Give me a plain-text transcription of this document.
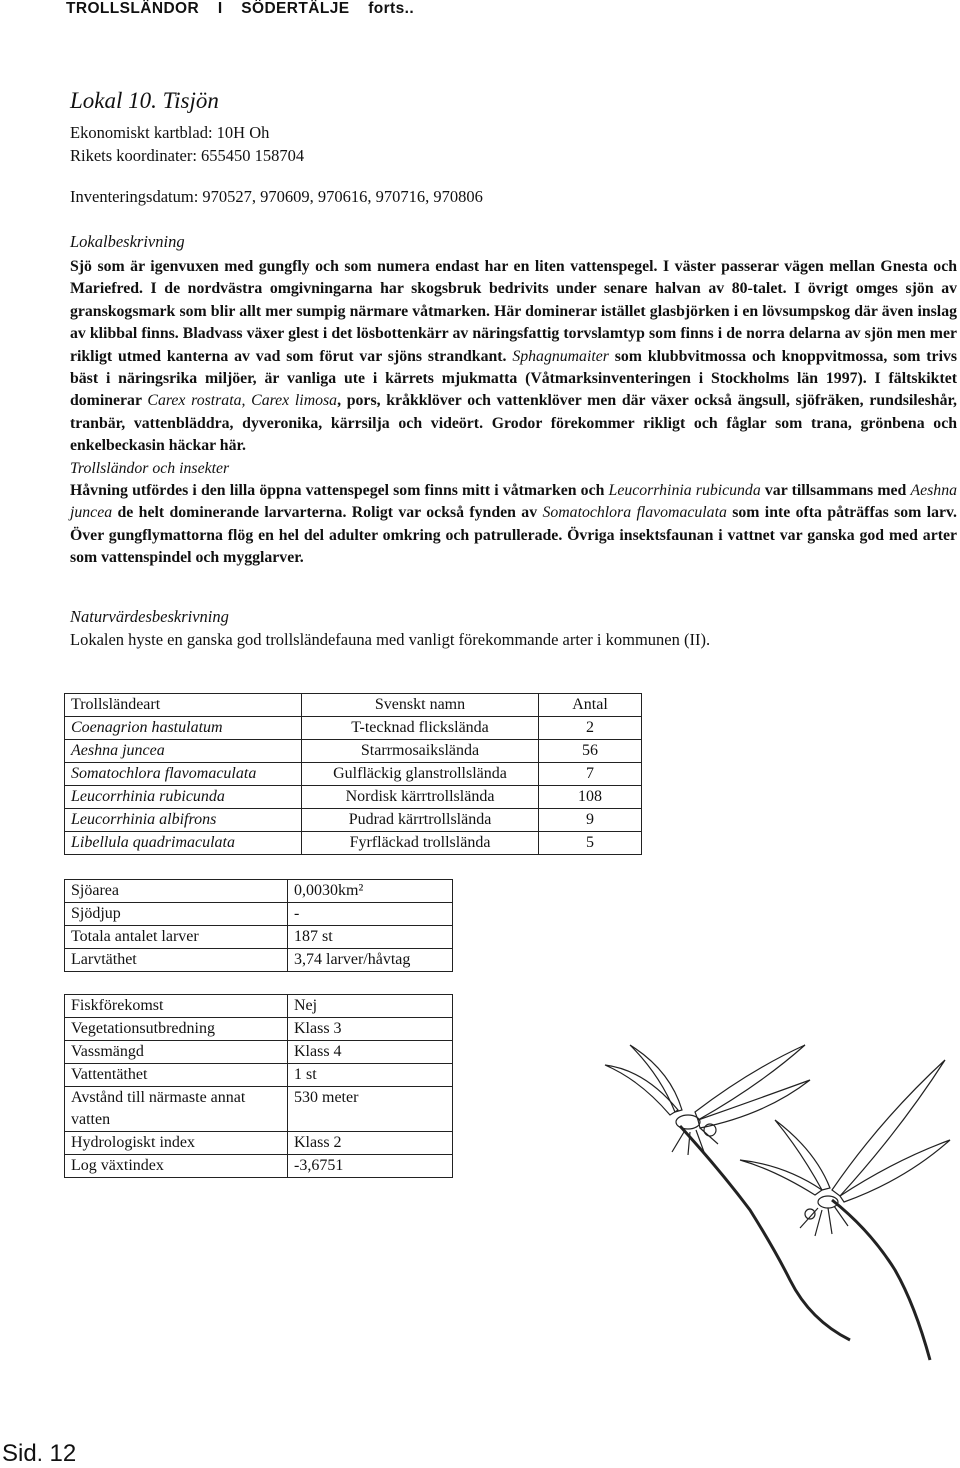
TROLLSLÄNDOR I SÖDERTÄLJE forts..
Lokal 10. Tisjön
Ekonomiskt kartblad: 10H Oh
Rikets koordinater: 655450 158704
Inventeringsdatum: 970527, 970609, 970616, 970716, 970806
Lokalbeskrivning
Sjö som är igenvuxen med gungfly och som numera endast har en liten vattenspegel. I väster passerar vägen mellan Gnesta och Mariefred. I de nordvästra omgivningarna har skogsbruk bedrivits under senare halvan av 80-talet. I övrigt omges sjön av granskogsmark som blir allt mer sumpig närmare våtmarken. Här dominerar istället glasbjörken i en lövsumpskog där även inslag av klibbal finns. Bladvass växer glest i det lösbottenkärr av näringsfattig torvslamtyp som finns i de norra delarna av sjön men mer rikligt utmed kanterna av vad som förut var sjöns strandkant. Sphagnumaiter som klubbvitmossa och knoppvitmossa, som trivs bäst i näringsrika miljöer, är vanliga ute i kärrets mjukmatta (Våtmarksinventeringen i Stockholms län 1997). I fältskiktet dominerar Carex rostrata, Carex limosa, pors, kråkklöver och vattenklöver men där växer också ängsull, sjöfräken, rundsileshår, tranbär, vattenbläddra, dyveronika, kärrsilja och videört. Grodor förekommer rikligt och fåglar som trana, grönbena och enkelbeckasin häckar här.
Trollsländor och insekter
Håvning utfördes i den lilla öppna vattenspegel som finns mitt i våtmarken och Leucorrhinia rubicunda var tillsammans med Aeshna juncea de helt dominerande larvarterna. Roligt var också fynden av Somatochlora flavomaculata som inte ofta påträffas som larv. Över gungflymattorna flög en hel del adulter omkring och patrullerade. Övriga insektsfaunan i vattnet var ganska god med arter som vattenspindel och mygglarver.
Naturvärdesbeskrivning
Lokalen hyste en ganska god trollsländefauna med vanligt förekommande arter i kommunen (II).
Trollsländeart	Svenskt namn	Antal
Coenagrion hastulatum	T-tecknad flickslända	2
Aeshna juncea	Starrmosaikslända	56
Somatochlora flavomaculata	Gulfläckig glanstrollslända	7
Leucorrhinia rubicunda	Nordisk kärrtrollslända	108
Leucorrhinia albifrons	Pudrad kärrtrollslända	9
Libellula quadrimaculata	Fyrfläckad trollslända	5
Sjöarea	0,0030km²
Sjödjup	-
Totala antalet larver	187 st
Larvtäthet	3,74 larver/håvtag
Fiskförekomst	Nej
Vegetationsutbredning	Klass 3
Vassmängd	Klass 4
Vattentäthet	1 st
Avstånd till närmaste annat vatten	530 meter
Hydrologiskt index	Klass 2
Log växtindex	-3,6751
Sid. 12
